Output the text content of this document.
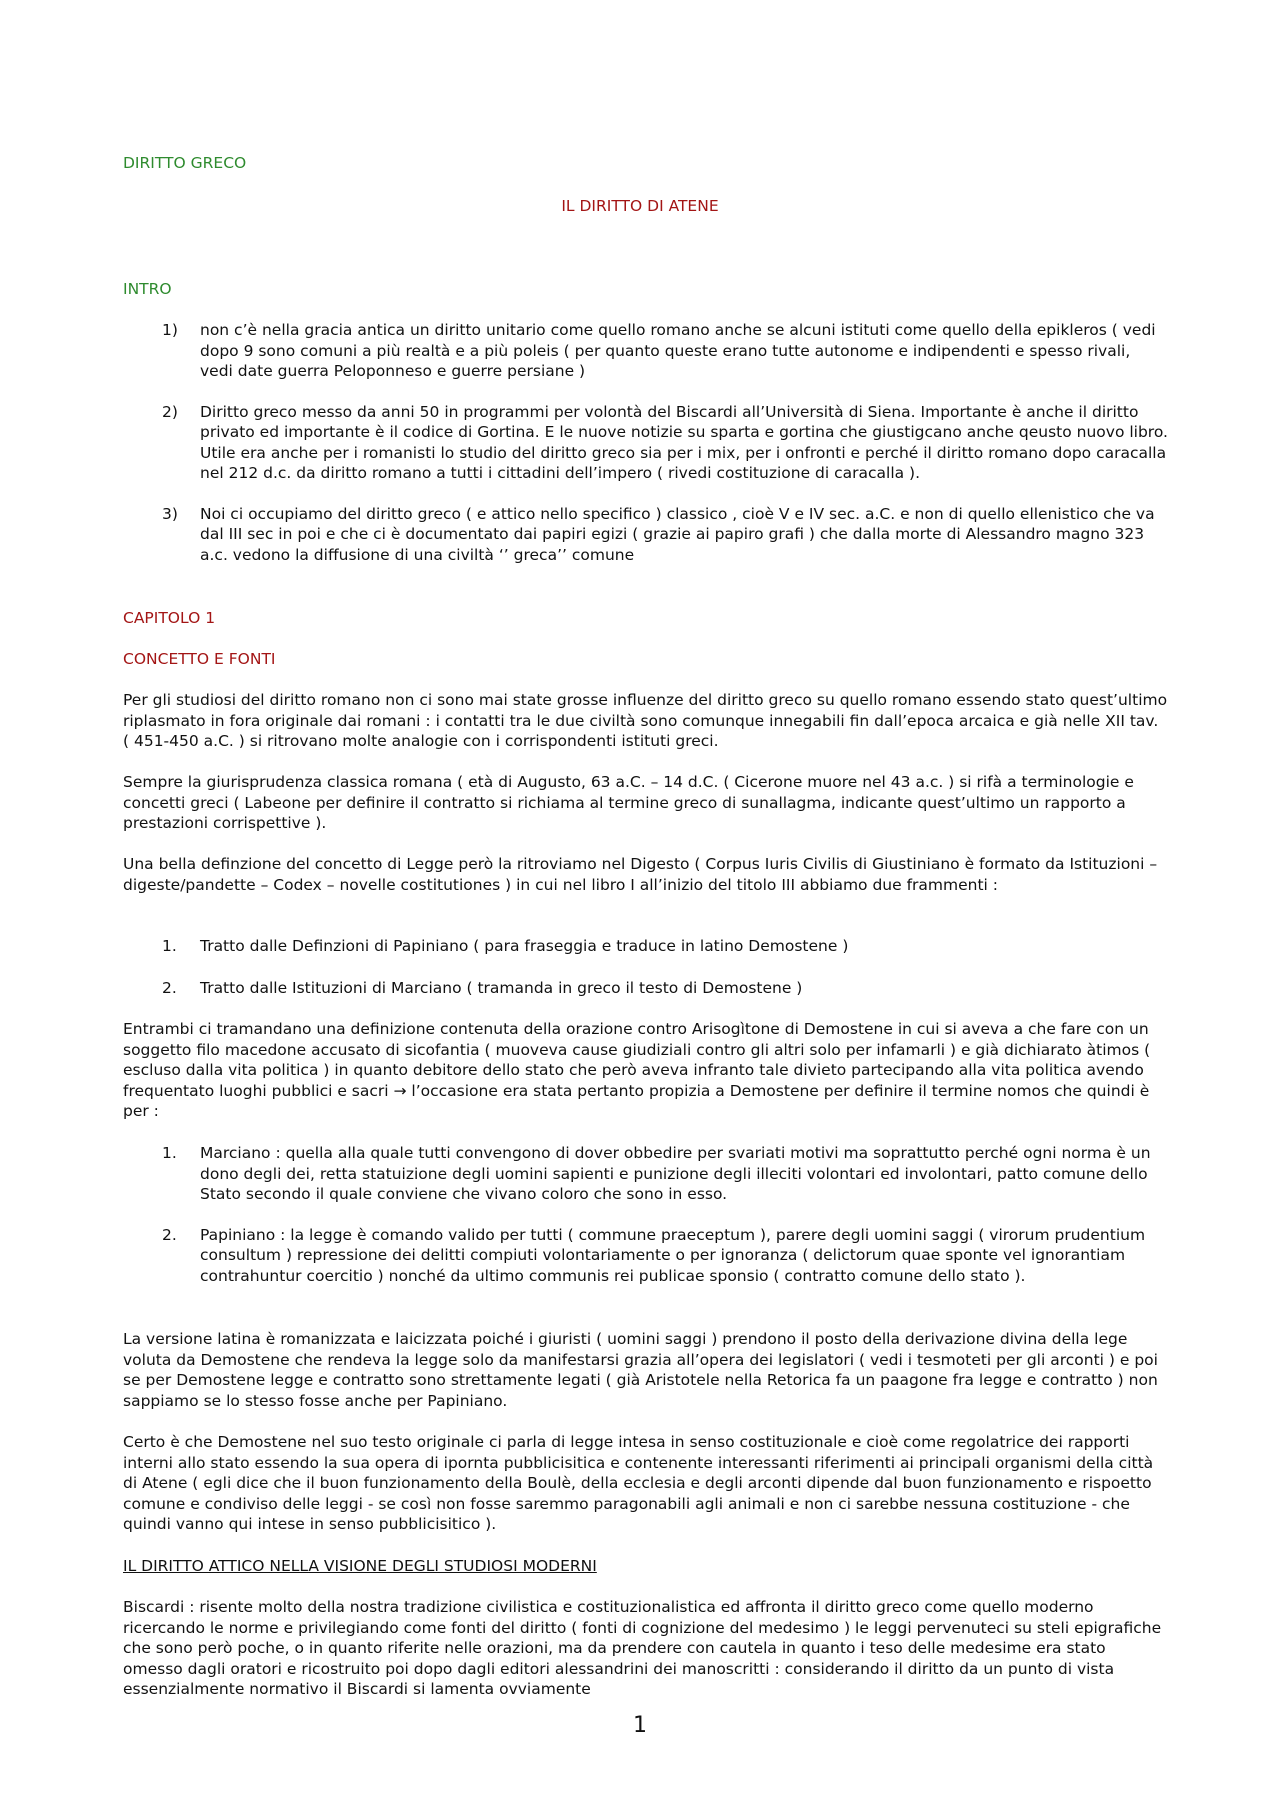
DIRITTO GRECO
IL DIRITTO DI ATENE
INTRO
1) non c’è nella gracia antica un diritto unitario come quello romano anche se alcuni istituti come quello della epikleros ( vedi dopo 9 sono comuni a più realtà e a più poleis ( per quanto queste erano tutte autonome e indipendenti e spesso rivali, vedi date guerra Peloponneso e guerre persiane )
2) Diritto greco messo da anni 50 in programmi per volontà del Biscardi all’Università di Siena. Importante è anche il diritto privato ed importante è il codice di Gortina. E le nuove notizie su sparta e gortina che giustigcano anche qeusto nuovo libro. Utile era anche per i romanisti lo studio del diritto greco sia per i mix, per i onfronti e perché il diritto romano dopo caracalla nel 212 d.c. da diritto romano a tutti i cittadini dell’impero ( rivedi costituzione di caracalla ).
3) Noi ci occupiamo del diritto greco ( e attico nello specifico ) classico , cioè V e IV sec. a.C. e non di quello ellenistico che va dal III sec in poi e che ci è documentato dai papiri egizi ( grazie ai papiro grafi ) che dalla morte di Alessandro magno 323 a.c. vedono la diffusione di una civiltà ‘’ greca’’ comune
CAPITOLO 1
CONCETTO E FONTI

Per gli studiosi del diritto romano non ci sono mai state grosse influenze del diritto greco su quello romano essendo stato quest’ultimo riplasmato in fora originale dai romani : i contatti tra le due civiltà sono comunque innegabili fin dall’epoca arcaica e già nelle XII tav. ( 451-450 a.C. ) si ritrovano molte analogie con i corrispondenti istituti greci.

Sempre la giurisprudenza classica romana ( età di Augusto, 63 a.C. – 14 d.C. ( Cicerone muore nel 43 a.c. ) si rifà a terminologie e concetti greci ( Labeone per definire il contratto si richiama al termine greco di sunallagma, indicante quest’ultimo un rapporto a prestazioni corrispettive ).

Una bella definzione del concetto di Legge però la ritroviamo nel Digesto ( Corpus Iuris Civilis di Giustiniano è formato da Istituzioni – digeste/pandette – Codex – novelle costitutiones ) in cui nel libro I all’inizio del titolo III abbiamo due frammenti :

1. Tratto dalle Definzioni di Papiniano ( para fraseggia e traduce in latino Demostene )
2. Tratto dalle Istituzioni di Marciano ( tramanda in greco il testo di Demostene )

Entrambi ci tramandano una definizione contenuta della orazione contro Arisogìtone di Demostene in cui si aveva a che fare con un soggetto filo macedone accusato di sicofantia ( muoveva cause giudiziali contro gli altri solo per infamarli ) e già dichiarato àtimos ( escluso dalla vita politica ) in quanto debitore dello stato che però aveva infranto tale divieto partecipando alla vita politica avendo frequentato luoghi pubblici e sacri → l’occasione era stata pertanto propizia a Demostene per definire il termine nomos che quindi è per :

1. Marciano : quella alla quale tutti convengono di dover obbedire per svariati motivi ma soprattutto perché ogni norma è un dono degli dei, retta statuizione degli uomini sapienti e punizione degli illeciti volontari ed involontari, patto comune dello Stato secondo il quale conviene che vivano coloro che sono in esso.
2. Papiniano : la legge è comando valido per tutti ( commune praeceptum ), parere degli uomini saggi ( virorum prudentium consultum ) repressione dei delitti compiuti volontariamente o per ignoranza ( delictorum quae sponte vel ignorantiam contrahuntur coercitio ) nonché da ultimo communis rei publicae sponsio ( contratto comune dello stato ).

La versione latina è romanizzata e laicizzata poiché i giuristi ( uomini saggi ) prendono il posto della derivazione divina della lege voluta da Demostene che rendeva la legge solo da manifestarsi grazia all’opera dei legislatori ( vedi i tesmoteti per gli arconti ) e poi se per Demostene legge e contratto sono strettamente legati ( già Aristotele nella Retorica fa un paagone fra legge e contratto ) non sappiamo se lo stesso fosse anche per Papiniano.

Certo è che Demostene nel suo testo originale ci parla di legge intesa in senso costituzionale e cioè come regolatrice dei rapporti interni allo stato essendo la sua opera di ipornta pubblicisitica e contenente interessanti riferimenti ai principali organismi della città di Atene ( egli dice che il buon funzionamento della Boulè, della ecclesia e degli arconti dipende dal buon funzionamento e rispoetto comune e condiviso delle leggi - se così non fosse saremmo paragonabili agli animali e non ci sarebbe nessuna costituzione - che quindi vanno qui intese in senso pubblicisitico ).

IL DIRITTO ATTICO NELLA VISIONE DEGLI STUDIOSI MODERNI

Biscardi : risente molto della nostra tradizione civilistica e costituzionalistica ed affronta il diritto greco come quello moderno ricercando le norme e privilegiando come fonti del diritto ( fonti di cognizione del medesimo ) le leggi pervenuteci su steli epigrafiche che sono però poche, o in quanto riferite nelle orazioni, ma da prendere con cautela in quanto i teso delle medesime era stato omesso dagli oratori e ricostruito poi dopo dagli editori alessandrini dei manoscritti : considerando il diritto da un punto di vista essenzialmente normativo il Biscardi si lamenta ovviamente

1
